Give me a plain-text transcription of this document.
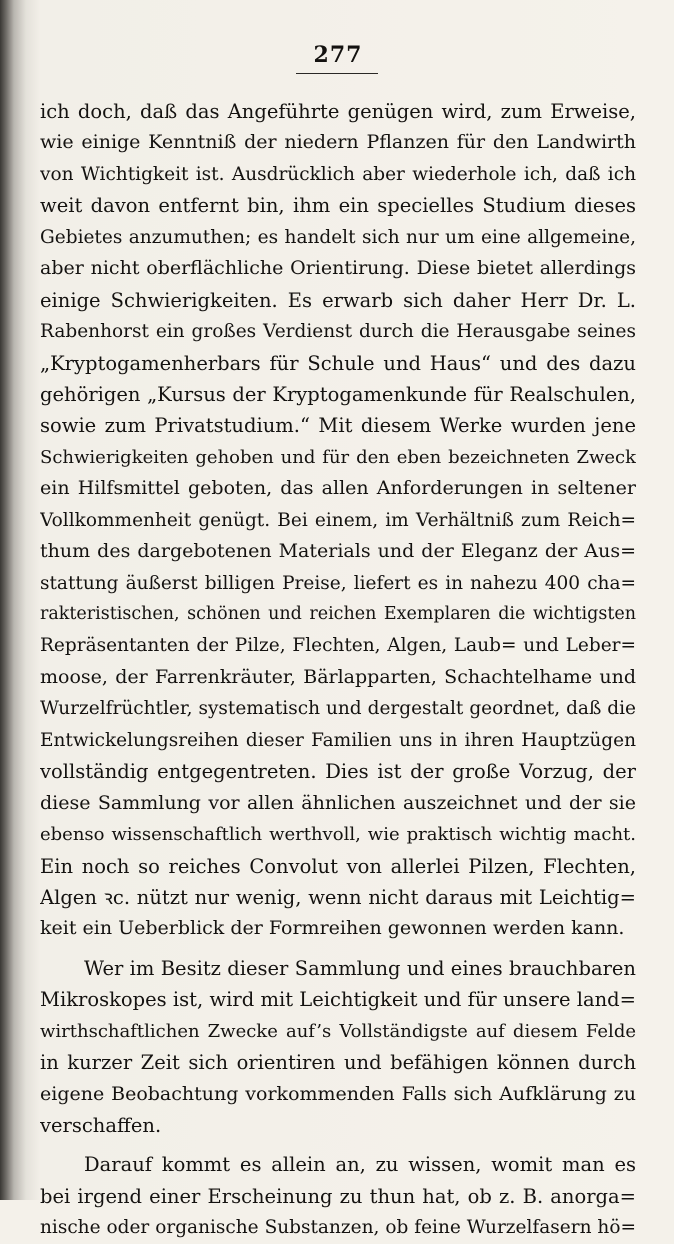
277
ich doch, daß das Angeführte genügen wird, zum Erweise,
wie einige Kenntniß der niedern Pflanzen für den Landwirth
von Wichtigkeit ist. Ausdrücklich aber wiederhole ich, daß ich
weit davon entfernt bin, ihm ein specielles Studium dieses
Gebietes anzumuthen; es handelt sich nur um eine allgemeine,
aber nicht oberflächliche Orientirung. Diese bietet allerdings
einige Schwierigkeiten. Es erwarb sich daher Herr Dr. L.
Rabenhorst ein großes Verdienst durch die Herausgabe seines
„Kryptogamenherbars für Schule und Haus“ und des dazu
gehörigen „Kursus der Kryptogamenkunde für Realschulen,
sowie zum Privatstudium.“ Mit diesem Werke wurden jene
Schwierigkeiten gehoben und für den eben bezeichneten Zweck
ein Hilfsmittel geboten, das allen Anforderungen in seltener
Vollkommenheit genügt. Bei einem, im Verhältniß zum Reich=
thum des dargebotenen Materials und der Eleganz der Aus=
stattung äußerst billigen Preise, liefert es in nahezu 400 cha=
rakteristischen, schönen und reichen Exemplaren die wichtigsten
Repräsentanten der Pilze, Flechten, Algen, Laub= und Leber=
moose, der Farrenkräuter, Bärlapparten, Schachtelhame und
Wurzelfrüchtler, systematisch und dergestalt geordnet, daß die
Entwickelungsreihen dieser Familien uns in ihren Hauptzügen
vollständig entgegentreten. Dies ist der große Vorzug, der
diese Sammlung vor allen ähnlichen auszeichnet und der sie
ebenso wissenschaftlich werthvoll, wie praktisch wichtig macht.
Ein noch so reiches Convolut von allerlei Pilzen, Flechten,
Algen ꝛc. nützt nur wenig, wenn nicht daraus mit Leichtig=
keit ein Ueberblick der Formreihen gewonnen werden kann.
Wer im Besitz dieser Sammlung und eines brauchbaren
Mikroskopes ist, wird mit Leichtigkeit und für unsere land=
wirthschaftlichen Zwecke auf’s Vollständigste auf diesem Felde
in kurzer Zeit sich orientiren und befähigen können durch
eigene Beobachtung vorkommenden Falls sich Aufklärung zu
verschaffen.
Darauf kommt es allein an, zu wissen, womit man es
bei irgend einer Erscheinung zu thun hat, ob z. B. anorga=
nische oder organische Substanzen, ob feine Wurzelfasern hö=
